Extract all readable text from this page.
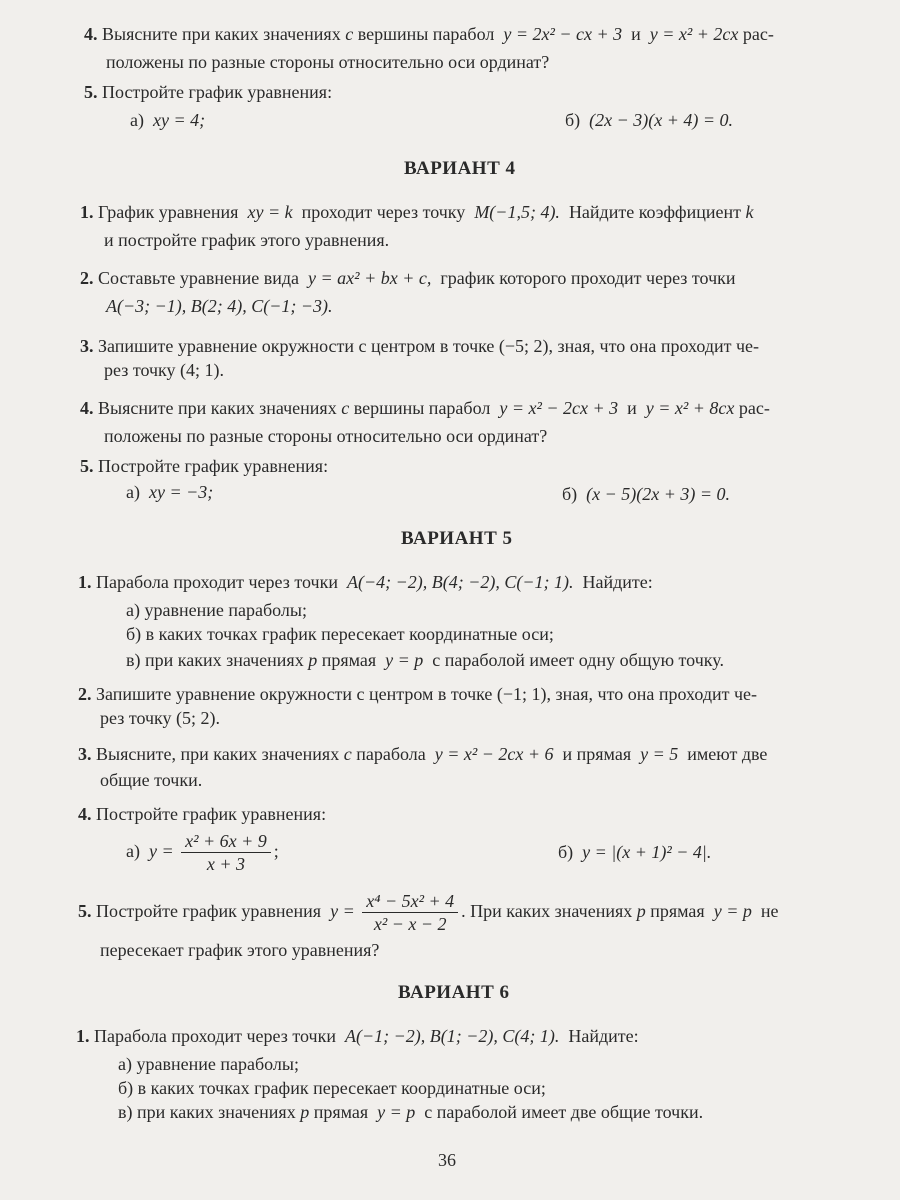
4. Выясните при каких значениях c вершины парабол y = 2x² − cx + 3 и y = x² + 2cx рас-
положены по разные стороны относительно оси ординат?
5. Постройте график уравнения:
а) xy = 4;	б) (2x − 3)(x + 4) = 0.
ВАРИАНТ 4
1. График уравнения xy = k проходит через точку M(−1,5; 4). Найдите коэффициент k
и постройте график этого уравнения.
2. Составьте уравнение вида y = ax² + bx + c, график которого проходит через точки
A(−3; −1), B(2; 4), C(−1; −3).
3. Запишите уравнение окружности с центром в точке (−5; 2), зная, что она проходит че-
рез точку (4; 1).
4. Выясните при каких значениях c вершины парабол y = x² − 2cx + 3 и y = x² + 8cx рас-
положены по разные стороны относительно оси ординат?
5. Постройте график уравнения:
а) xy = −3;	б) (x − 5)(2x + 3) = 0.
ВАРИАНТ 5
1. Парабола проходит через точки A(−4; −2), B(4; −2), C(−1; 1). Найдите:
а) уравнение параболы;
б) в каких точках график пересекает координатные оси;
в) при каких значениях p прямая y = p с параболой имеет одну общую точку.
2. Запишите уравнение окружности с центром в точке (−1; 1), зная, что она проходит че-
рез точку (5; 2).
3. Выясните, при каких значениях c парабола y = x² − 2cx + 6 и прямая y = 5 имеют две
общие точки.
4. Постройте график уравнения:
а) $y = \frac{\text{x² + 6x + 9}}{x + 3}$ ;	б) y = |(x + 1)² − 4|.
5. Постройте график уравнения $y = \frac{\text{x⁴ − 5x² + 4}}{\text{x² − x − 2}}$ . При каких значениях p прямая y = p не
пересекает график этого уравнения?
ВАРИАНТ 6
1. Парабола проходит через точки A(−1; −2), B(1; −2), C(4; 1). Найдите:
а) уравнение параболы;
б) в каких точках график пересекает координатные оси;
в) при каких значениях p прямая y = p с параболой имеет две общие точки.
36
